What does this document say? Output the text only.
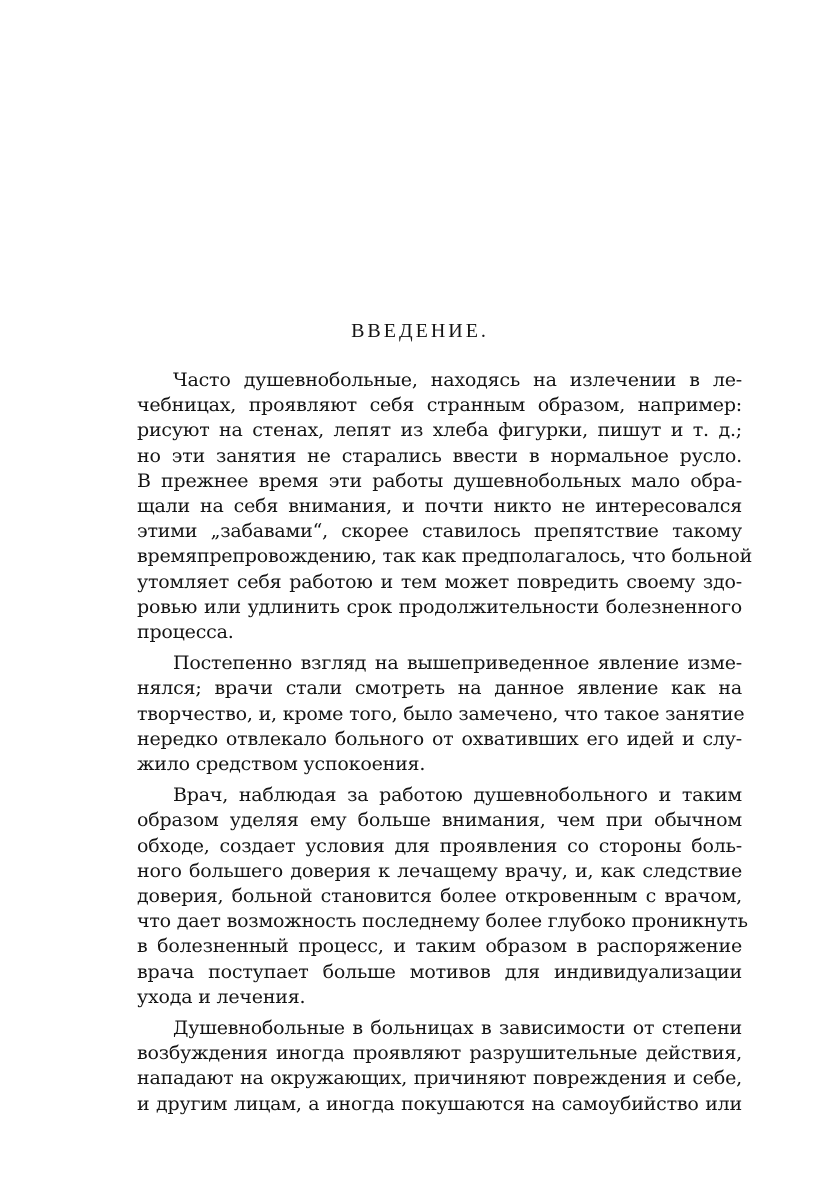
ВВЕДЕНИЕ.
Часто душевнобольные, находясь на излечении в ле-
чебницах, проявляют себя странным образом, например:
рисуют на стенах, лепят из хлеба фигурки, пишут и т. д.;
но эти занятия не старались ввести в нормальное русло.
В прежнее время эти работы душевнобольных мало обра-
щали на себя внимания, и почти никто не интересовался
этими „забавами“, скорее ставилось препятствие такому
времяпрепровождению, так как предполагалось, что больной
утомляет себя работою и тем может повредить своему здо-
ровью или удлинить срок продолжительности болезненного
процесса.
Постепенно взгляд на вышеприведенное явление изме-
нялся; врачи стали смотреть на данное явление как на
творчество, и, кроме того, было замечено, что такое занятие
нередко отвлекало больного от охвативших его идей и слу-
жило средством успокоения.
Врач, наблюдая за работою душевнобольного и таким
образом уделяя ему больше внимания, чем при обычном
обходе, создает условия для проявления со стороны боль-
ного большего доверия к лечащему врачу, и, как следствие
доверия, больной становится более откровенным с врачом,
что дает возможность последнему более глубоко проникнуть
в болезненный процесс, и таким образом в распоряжение
врача поступает больше мотивов для индивидуализации
ухода и лечения.
Душевнобольные в больницах в зависимости от степени
возбуждения иногда проявляют разрушительные действия,
нападают на окружающих, причиняют повреждения и себе,
и другим лицам, а иногда покушаются на самоубийство или
